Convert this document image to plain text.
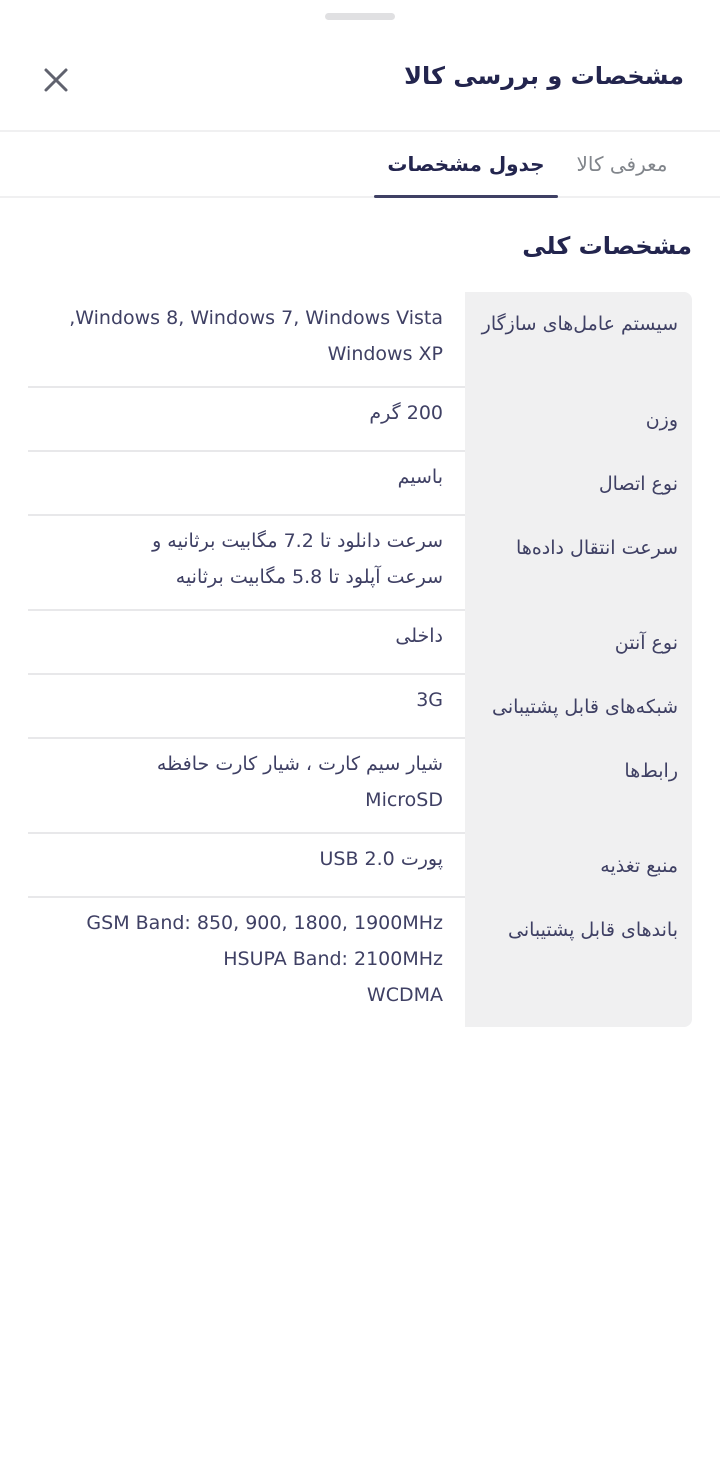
مشخصات و بررسی کالا
معرفی کالا
جدول مشخصات
مشخصات کلی
سیستم عامل‌های سازگار
Windows 8, Windows 7, Windows Vista,
Windows XP
وزن
200 گرم
نوع اتصال
باسیم
سرعت انتقال داده‌ها
سرعت دانلود تا 7.2 مگابیت برثانیه و
سرعت آپلود تا 5.8 مگابیت برثانیه
نوع آنتن
داخلی
شبکه‌های قابل پشتیبانی
3G
رابط‌ها
شیار سیم کارت ، شیار کارت حافظه
MicroSD
منبع تغذیه
پورت USB 2.0
باندهای قابل پشتیبانی
GSM Band: 850, 900, 1800, 1900MHz
HSUPA Band: 2100MHz
WCDMA
